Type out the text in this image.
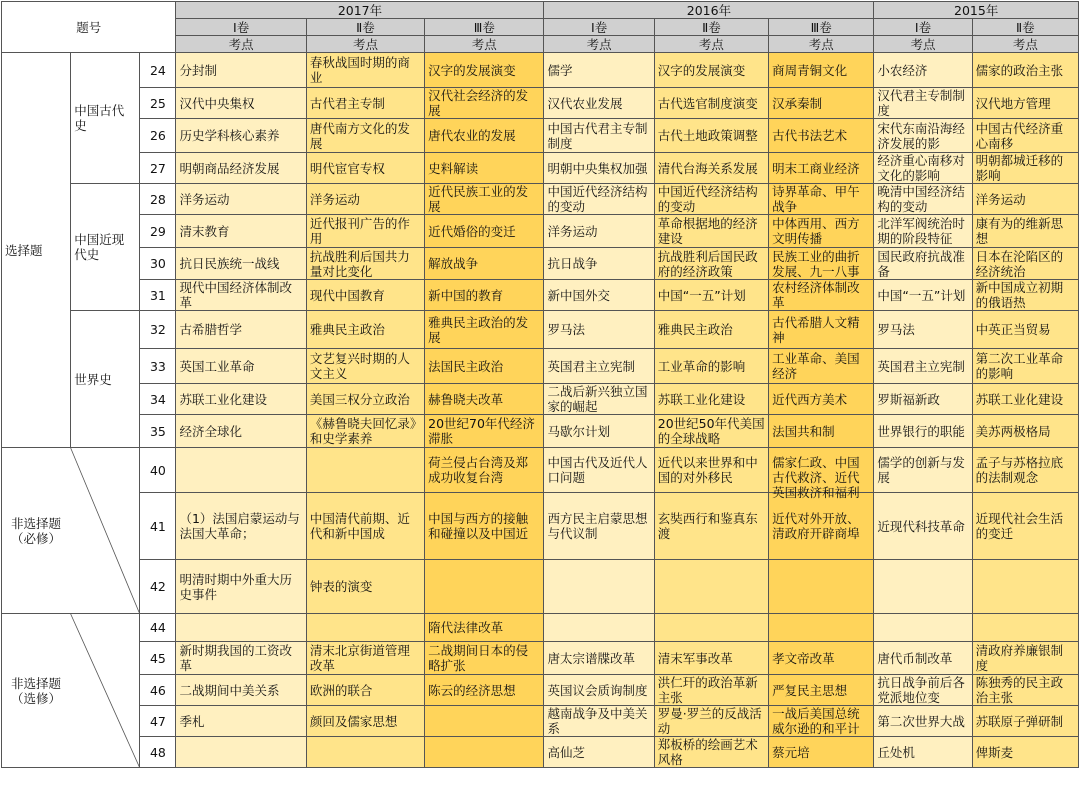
题号			2017年			2016年			2015年	
			Ⅰ卷	Ⅱ卷	Ⅲ卷	Ⅰ卷	Ⅱ卷	Ⅲ卷	Ⅰ卷	Ⅱ卷
			考点	考点	考点	考点	考点	考点	考点	考点
选择题	中国古代史	24	分封制	春秋战国时期的商业	汉字的发展演变	儒学	汉字的发展演变	商周青铜文化	小农经济	儒家的政治主张

		25	汉代中央集权	古代君主专制	汉代社会经济的发展	汉代农业发展	古代选官制度演变	汉承秦制	汉代君主专制制度	汉代地方管理

		26	历史学科核心素养	唐代南方文化的发展	唐代农业的发展	中国古代君主专制制度	古代土地政策调整	古代书法艺术	宋代东南沿海经济发展的影	中国古代经济重心南移

		27	明朝商品经济发展	明代宦官专权	史料解读	明朝中央集权加强	清代台海关系发展	明末工商业经济	经济重心南移对文化的影响	明朝都城迁移的影响

	中国近现代史	28	洋务运动	洋务运动	近代民族工业的发展	中国近代经济结构的变动	中国近代经济结构的变动	诗界革命、甲午战争	晚清中国经济结构的变动	洋务运动

		29	清末教育	近代报刊广告的作用	近代婚俗的变迁	洋务运动	革命根据地的经济建设	中体西用、西方文明传播	北洋军阀统治时期的阶段特征	康有为的维新思想

		30	抗日民族统一战线	抗战胜利后国共力量对比变化	解放战争	抗日战争	抗战胜利后国民政府的经济政策	民族工业的曲折发展、九一八事	国民政府抗战准备	日本在沦陷区的经济统治

		31	现代中国经济体制改革	现代中国教育	新中国的教育	新中国外交	中国“一五”计划	农村经济体制改革	中国“一五”计划	新中国成立初期的俄语热

	世界史	32	古希腊哲学	雅典民主政治	雅典民主政治的发展	罗马法	雅典民主政治	古代希腊人文精神	罗马法	中英正当贸易

		33	英国工业革命	文艺复兴时期的人文主义	法国民主政治	英国君主立宪制	工业革命的影响	工业革命、美国经济	英国君主立宪制	第二次工业革命的影响

		34	苏联工业化建设	美国三权分立政治	赫鲁晓夫改革	二战后新兴独立国家的崛起	苏联工业化建设	近代西方美术	罗斯福新政	苏联工业化建设

		35	经济全球化	《赫鲁晓夫回忆录》和史学素养	20世纪70年代经济滞胀	马歇尔计划	20世纪50年代美国的全球战略	法国共和制	世界银行的职能	美苏两极格局

非选择题
（必修）		40			荷兰侵占台湾及郑成功收复台湾	中国古代及近代人口问题	近代以来世界和中国的对外移民	儒家仁政、中国古代救济、近代英国救济和福利	儒学的创新与发展	孟子与苏格拉底的法制观念

		41	（1）法国启蒙运动与法国大革命；	中国清代前期、近代和新中国成	中国与西方的接触和碰撞以及中国近	西方民主启蒙思想与代议制	玄奘西行和鉴真东渡	近代对外开放、清政府开辟商埠	近现代科技革命	近现代社会生活的变迁

		42	明清时期中外重大历史事件	钟表的演变						

非选择题
（选修）		44			隋代法律改革					

		45	新时期我国的工资改革	清末北京街道管理改革	二战期间日本的侵略扩张	唐太宗谱牒改革	清末军事改革	孝文帝改革	唐代币制改革	清政府养廉银制度

		46	二战期间中美关系	欧洲的联合	陈云的经济思想	英国议会质询制度	洪仁玕的政治革新主张	严复民主思想	抗日战争前后各党派地位变	陈独秀的民主政治主张

		47	季札	颜回及儒家思想		越南战争及中美关系	罗曼·罗兰的反战活动	一战后美国总统威尔逊的和平计	第二次世界大战	苏联原子弹研制

		48				高仙芝	郑板桥的绘画艺术风格	蔡元培	丘处机	俾斯麦
